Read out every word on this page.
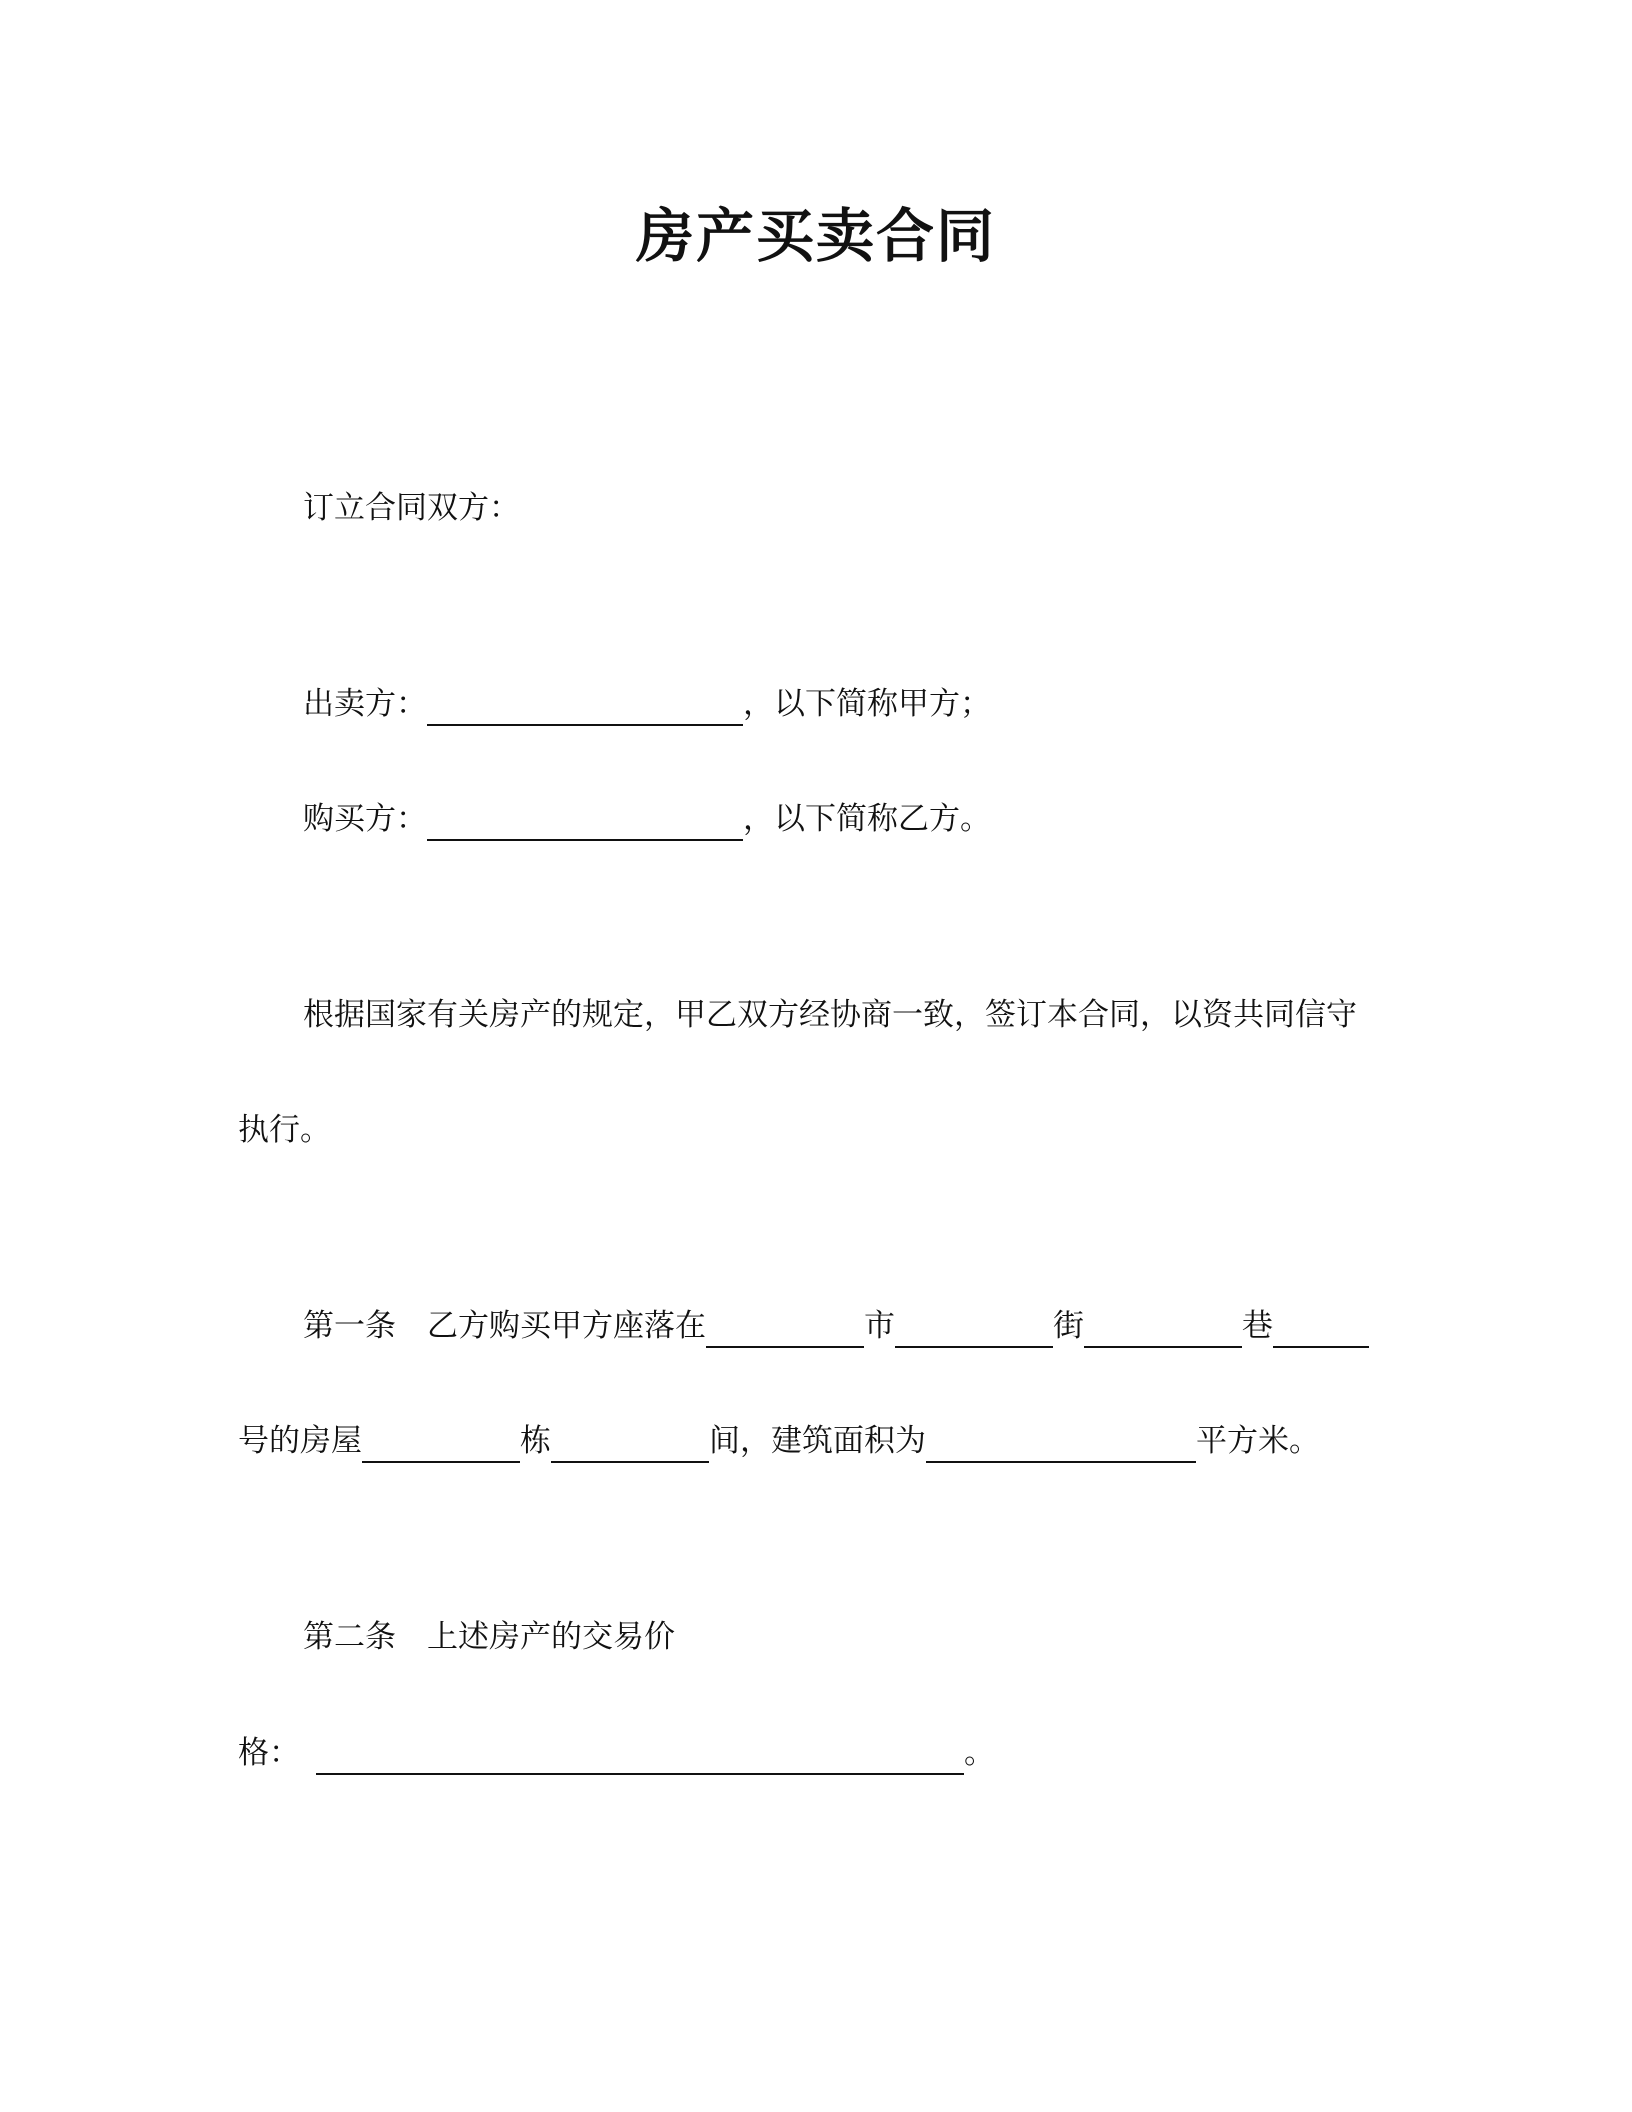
房产买卖合同
订立合同双方：
出卖方：	，以下简称甲方；
购买方：	，以下简称乙方。
根据国家有关房产的规定，甲乙双方经协商一致，签订本合同，以资共同信守
执行。
第一条 乙方购买甲方座落在	市	街	巷
号的房屋	栋	间，建筑面积为	平方米。
第二条 上述房产的交易价
格：	。
